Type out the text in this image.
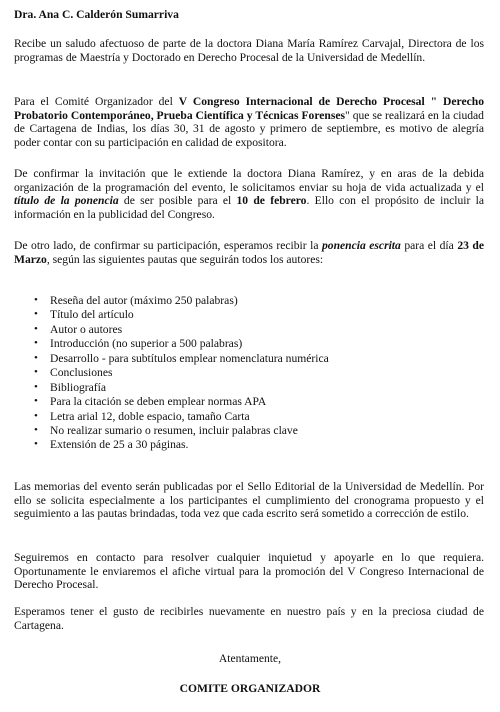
Dra. Ana C. Calderón Sumarriva

Recibe un saludo afectuoso de parte de la doctora Diana María Ramírez Carvajal, Directora de los programas de Maestría y Doctorado en Derecho Procesal de la Universidad de Medellín.

Para el Comité Organizador del V Congreso Internacional de Derecho Procesal " Derecho Probatorio Contemporáneo, Prueba Científica y Técnicas Forenses" que se realizará en la ciudad de Cartagena de Indias, los días 30, 31 de agosto y primero de septiembre, es motivo de alegría poder contar con su participación en calidad de expositora.

De confirmar la invitación que le extiende la doctora Diana Ramírez, y en aras de la debida organización de la programación del evento, le solicitamos enviar su hoja de vida actualizada y el título de la ponencia de ser posible para el 10 de febrero. Ello con el propósito de incluir la información en la publicidad del Congreso.

De otro lado, de confirmar su participación, esperamos recibir la ponencia escrita para el día 23 de Marzo, según las siguientes pautas que seguirán todos los autores:

• Reseña del autor (máximo 250 palabras)
• Título del artículo
• Autor o autores
• Introducción (no superior a 500 palabras)
• Desarrollo - para subtítulos emplear nomenclatura numérica
• Conclusiones
• Bibliografía
• Para la citación se deben emplear normas APA
• Letra arial 12, doble espacio, tamaño Carta
• No realizar sumario o resumen, incluir palabras clave
• Extensión de 25 a 30 páginas.

Las memorias del evento serán publicadas por el Sello Editorial de la Universidad de Medellín. Por ello se solicita especialmente a los participantes el cumplimiento del cronograma propuesto y el seguimiento a las pautas brindadas, toda vez que cada escrito será sometido a corrección de estilo.

Seguiremos en contacto para resolver cualquier inquietud y apoyarle en lo que requiera. Oportunamente le enviaremos el afiche virtual para la promoción del V Congreso Internacional de Derecho Procesal.

Esperamos tener el gusto de recibirles nuevamente en nuestro país y en la preciosa ciudad de Cartagena.

Atentamente,
COMITE ORGANIZADOR
